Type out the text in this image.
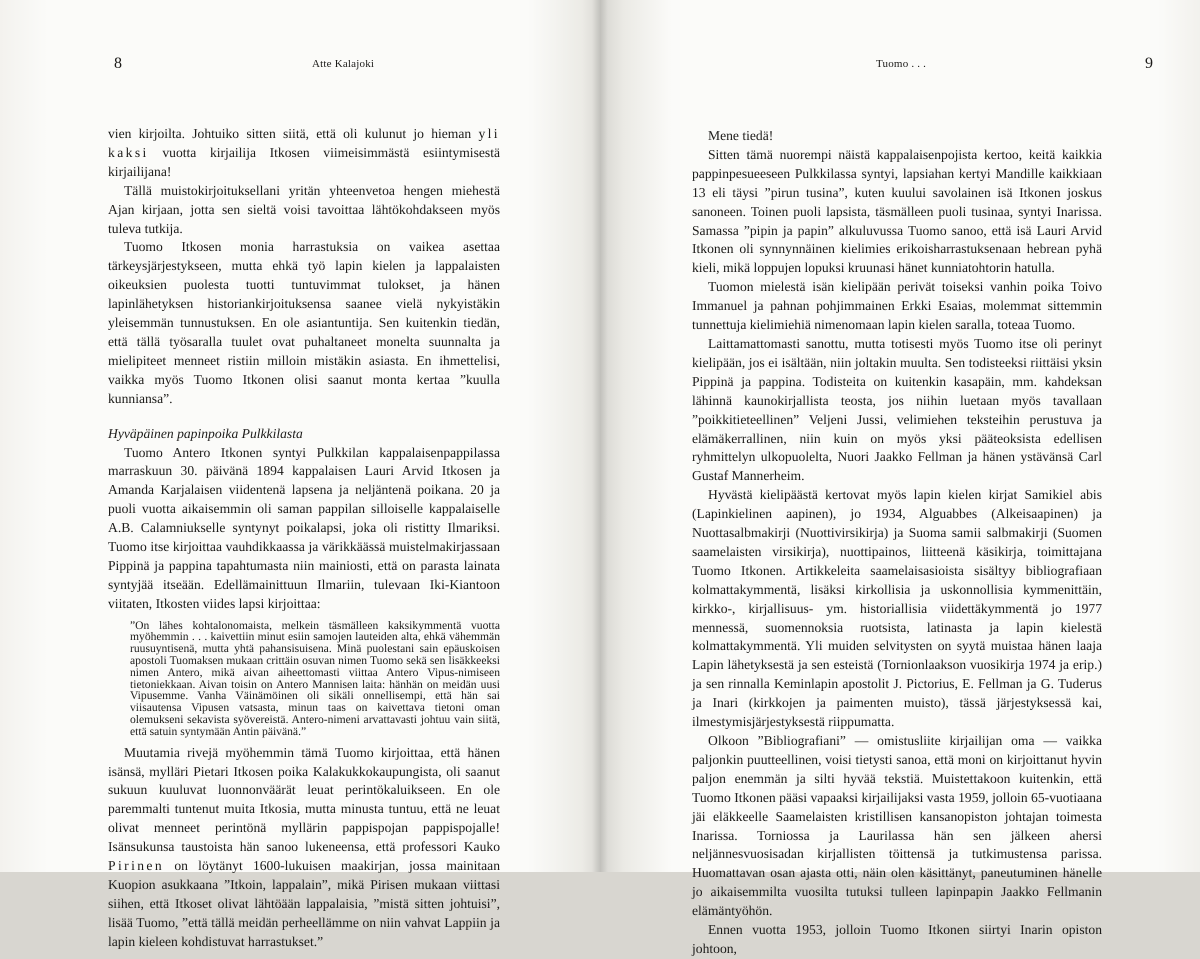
8	Atte Kalajoki

vien kirjoilta. Johtuiko sitten siitä, että oli kulunut jo hieman yli kaksi vuotta kirjailija Itkosen viimeisimmästä esiintymisestä kirjailijana!

Tällä muistokirjoituksellani yritän yhteenvetoa hengen miehestä Ajan kirjaan, jotta sen sieltä voisi tavoittaa lähtökohdakseen myös tuleva tutkija.

Tuomo Itkosen monia harrastuksia on vaikea asettaa tärkeysjärjestykseen, mutta ehkä työ lapin kielen ja lappalaisten oikeuksien puolesta tuotti tuntuvimmat tulokset, ja hänen lapinlähetyksen historiankirjoituksensa saanee vielä nykyistäkin yleisemmän tunnustuksen. En ole asiantuntija. Sen kuitenkin tiedän, että tällä työsaralla tuulet ovat puhaltaneet monelta suunnalta ja mielipiteet menneet ristiin milloin mistäkin asiasta. En ihmettelisi, vaikka myös Tuomo Itkonen olisi saanut monta kertaa ”kuulla kunniansa”.

Hyväpäinen papinpoika Pulkkilasta

Tuomo Antero Itkonen syntyi Pulkkilan kappalaisenpappilassa marraskuun 30. päivänä 1894 kappalaisen Lauri Arvid Itkosen ja Amanda Karjalaisen viidentenä lapsena ja neljäntenä poikana. 20 ja puoli vuotta aikaisemmin oli saman pappilan silloiselle kappalaiselle A.B. Calamniukselle syntynyt poikalapsi, joka oli ristitty Ilmariksi. Tuomo itse kirjoittaa vauhdikkaassa ja värikkäässä muistelmakirjassaan Pippinä ja pappina tapahtumasta niin mainiosti, että on parasta lainata syntyjää itseään. Edellämainittuun Ilmariin, tulevaan Iki-Kiantoon viitaten, Itkosten viides lapsi kirjoittaa:

”On lähes kohtalonomaista, melkein täsmälleen kaksikymmentä vuotta myöhemmin . . . kaivettiin minut esiin samojen lauteiden alta, ehkä vähemmän ruusuyntisenä, mutta yhtä pahansisuisena. Minä puolestani sain epäuskoisen apostoli Tuomaksen mukaan crittäin osuvan nimen Tuomo sekä sen lisäkkeeksi nimen Antero, mikä aivan aiheettomasti viittaa Antero Vipus-nimiseen tietoniekkaan. Aivan toisin on Antero Mannisen laita: hänhän on meidän uusi Vipusemme. Vanha Väinämöinen oli sikäli onnellisempi, että hän sai viisautensa Vipusen vatsasta, minun taas on kaivettava tietoni oman olemukseni sekavista syövereistä. Antero-nimeni arvattavasti johtuu vain siitä, että satuin syntymään Antin päivänä.”

Muutamia rivejä myöhemmin tämä Tuomo kirjoittaa, että hänen isänsä, mylläri Pietari Itkosen poika Kalakukkokaupungista, oli saanut sukuun kuuluvat luonnonväärät leuat perintökaluikseen. En ole paremmalti tuntenut muita Itkosia, mutta minusta tuntuu, että ne leuat olivat menneet perintönä myllärin pappispojan pappispojalle! Isänsukunsa taustoista hän sanoo lukeneensa, että professori Kauko Pirinen on löytänyt 1600-lukuisen maakirjan, jossa mainitaan Kuopion asukkaana ”Itkoin, lappalain”, mikä Pirisen mukaan viittasi siihen, että Itkoset olivat lähtöään lappalaisia, ”mistä sitten johtuisi”, lisää Tuomo, ”että tällä meidän perheellämme on niin vahvat Lappiin ja lapin kieleen kohdistuvat harrastukset.”

Tuomo . . .	9

Mene tiedä!

Sitten tämä nuorempi näistä kappalaisenpojista kertoo, keitä kaikkia pappinpesueeseen Pulkkilassa syntyi, lapsiahan kertyi Mandille kaikkiaan 13 eli täysi ”pirun tusina”, kuten kuului savolainen isä Itkonen joskus sanoneen. Toinen puoli lapsista, täsmälleen puoli tusinaa, syntyi Inarissa. Samassa ”pipin ja papin” alkuluvussa Tuomo sanoo, että isä Lauri Arvid Itkonen oli synnynnäinen kielimies erikoisharrastuksenaan hebrean pyhä kieli, mikä loppujen lopuksi kruunasi hänet kunniatohtorin hatulla.

Tuomon mielestä isän kielipään perivät toiseksi vanhin poika Toivo Immanuel ja pahnan pohjimmainen Erkki Esaias, molemmat sittemmin tunnettuja kielimiehiä nimenomaan lapin kielen saralla, toteaa Tuomo.

Laittamattomasti sanottu, mutta totisesti myös Tuomo itse oli perinyt kielipään, jos ei isältään, niin joltakin muulta. Sen todisteeksi riittäisi yksin Pippinä ja pappina. Todisteita on kuitenkin kasapäin, mm. kahdeksan lähinnä kaunokirjallista teosta, jos niihin luetaan myös tavallaan ”poikkitieteellinen” Veljeni Jussi, velimiehen teksteihin perustuva ja elämäkerrallinen, niin kuin on myös yksi pääteoksista edellisen ryhmittelyn ulkopuolelta, Nuori Jaakko Fellman ja hänen ystävänsä Carl Gustaf Mannerheim.

Hyvästä kielipäästä kertovat myös lapin kielen kirjat Samikiel abis (Lapinkielinen aapinen), jo 1934, Alguabbes (Alkeisaapinen) ja Nuottasalbmakirji (Nuottivirsikirja) ja Suoma samii salbmakirji (Suomen saamelaisten virsikirja), nuottipainos, liitteenä käsikirja, toimittajana Tuomo Itkonen. Artikkeleita saamelaisasioista sisältyy bibliografiaan kolmattakymmentä, lisäksi kirkollisia ja uskonnollisia kymmenittäin, kirkko-, kirjallisuus- ym. historiallisia viidettäkymmentä jo 1977 mennessä, suomennoksia ruotsista, latinasta ja lapin kielestä kolmattakymmentä. Yli muiden selvitysten on syytä muistaa hänen laaja Lapin lähetyksestä ja sen esteistä (Tornionlaakson vuosikirja 1974 ja erip.) ja sen rinnalla Keminlapin apostolit J. Pictorius, E. Fellman ja G. Tuderus ja Inari (kirkkojen ja paimenten muisto), tässä järjestyksessä kai, ilmestymisjärjestyksestä riippumatta.

Olkoon ”Bibliografiani” — omistusliite kirjailijan oma — vaikka paljonkin puutteellinen, voisi tietysti sanoa, että moni on kirjoittanut hyvin paljon enemmän ja silti hyvää tekstiä. Muistettakoon kuitenkin, että Tuomo Itkonen pääsi vapaaksi kirjailijaksi vasta 1959, jolloin 65-vuotiaana jäi eläkkeelle Saamelaisten kristillisen kansanopiston johtajan toimesta Inarissa. Torniossa ja Laurilassa hän sen jälkeen ahersi neljännesvuosisadan kirjallisten töittensä ja tutkimustensa parissa. Huomattavan osan ajasta otti, näin olen käsittänyt, paneutuminen hänelle jo aikaisemmilta vuosilta tutuksi tulleen lapinpapin Jaakko Fellmanin elämäntyöhön.

Ennen vuotta 1953, jolloin Tuomo Itkonen siirtyi Inarin opiston johtoon,
